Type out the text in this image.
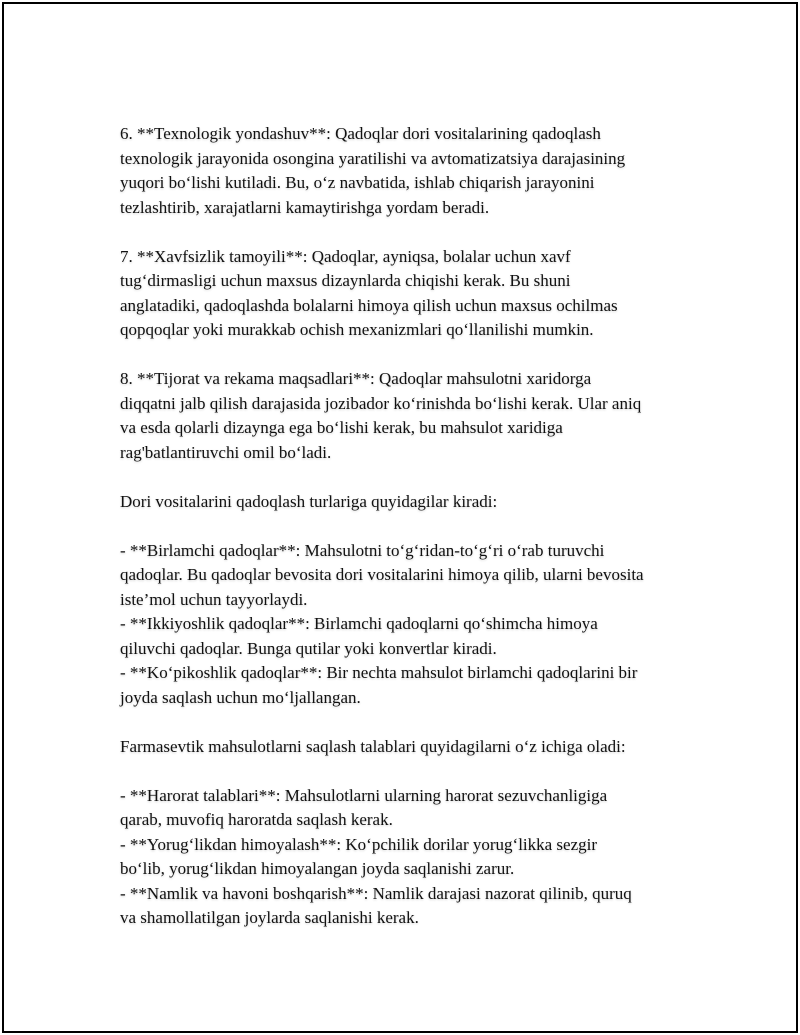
6. **Texnologik yondashuv**: Qadoqlar dori vositalarining qadoqlash
texnologik jarayonida osongina yaratilishi va avtomatizatsiya darajasining
yuqori bo‘lishi kutiladi. Bu, o‘z navbatida, ishlab chiqarish jarayonini
tezlashtirib, xarajatlarni kamaytirishga yordam beradi.

7. **Xavfsizlik tamoyili**: Qadoqlar, ayniqsa, bolalar uchun xavf
tug‘dirmasligi uchun maxsus dizaynlarda chiqishi kerak. Bu shuni
anglatadiki, qadoqlashda bolalarni himoya qilish uchun maxsus ochilmas
qopqoqlar yoki murakkab ochish mexanizmlari qo‘llanilishi mumkin.

8. **Tijorat va rekama maqsadlari**: Qadoqlar mahsulotni xaridorga
diqqatni jalb qilish darajasida jozibador ko‘rinishda bo‘lishi kerak. Ular aniq
va esda qolarli dizaynga ega bo‘lishi kerak, bu mahsulot xaridiga
rag'batlantiruvchi omil bo‘ladi.

Dori vositalarini qadoqlash turlariga quyidagilar kiradi:

- **Birlamchi qadoqlar**: Mahsulotni to‘g‘ridan-to‘g‘ri o‘rab turuvchi
qadoqlar. Bu qadoqlar bevosita dori vositalarini himoya qilib, ularni bevosita
iste’mol uchun tayyorlaydi.
- **Ikkiyoshlik qadoqlar**: Birlamchi qadoqlarni qo‘shimcha himoya
qiluvchi qadoqlar. Bunga qutilar yoki konvertlar kiradi.
- **Ko‘pikoshlik qadoqlar**: Bir nechta mahsulot birlamchi qadoqlarini bir
joyda saqlash uchun mo‘ljallangan.

Farmasevtik mahsulotlarni saqlash talablari quyidagilarni o‘z ichiga oladi:

- **Harorat talablari**: Mahsulotlarni ularning harorat sezuvchanligiga
qarab, muvofiq haroratda saqlash kerak.
- **Yorug‘likdan himoyalash**: Ko‘pchilik dorilar yorug‘likka sezgir
bo‘lib, yorug‘likdan himoyalangan joyda saqlanishi zarur.
- **Namlik va havoni boshqarish**: Namlik darajasi nazorat qilinib, quruq
va shamollatilgan joylarda saqlanishi kerak.
